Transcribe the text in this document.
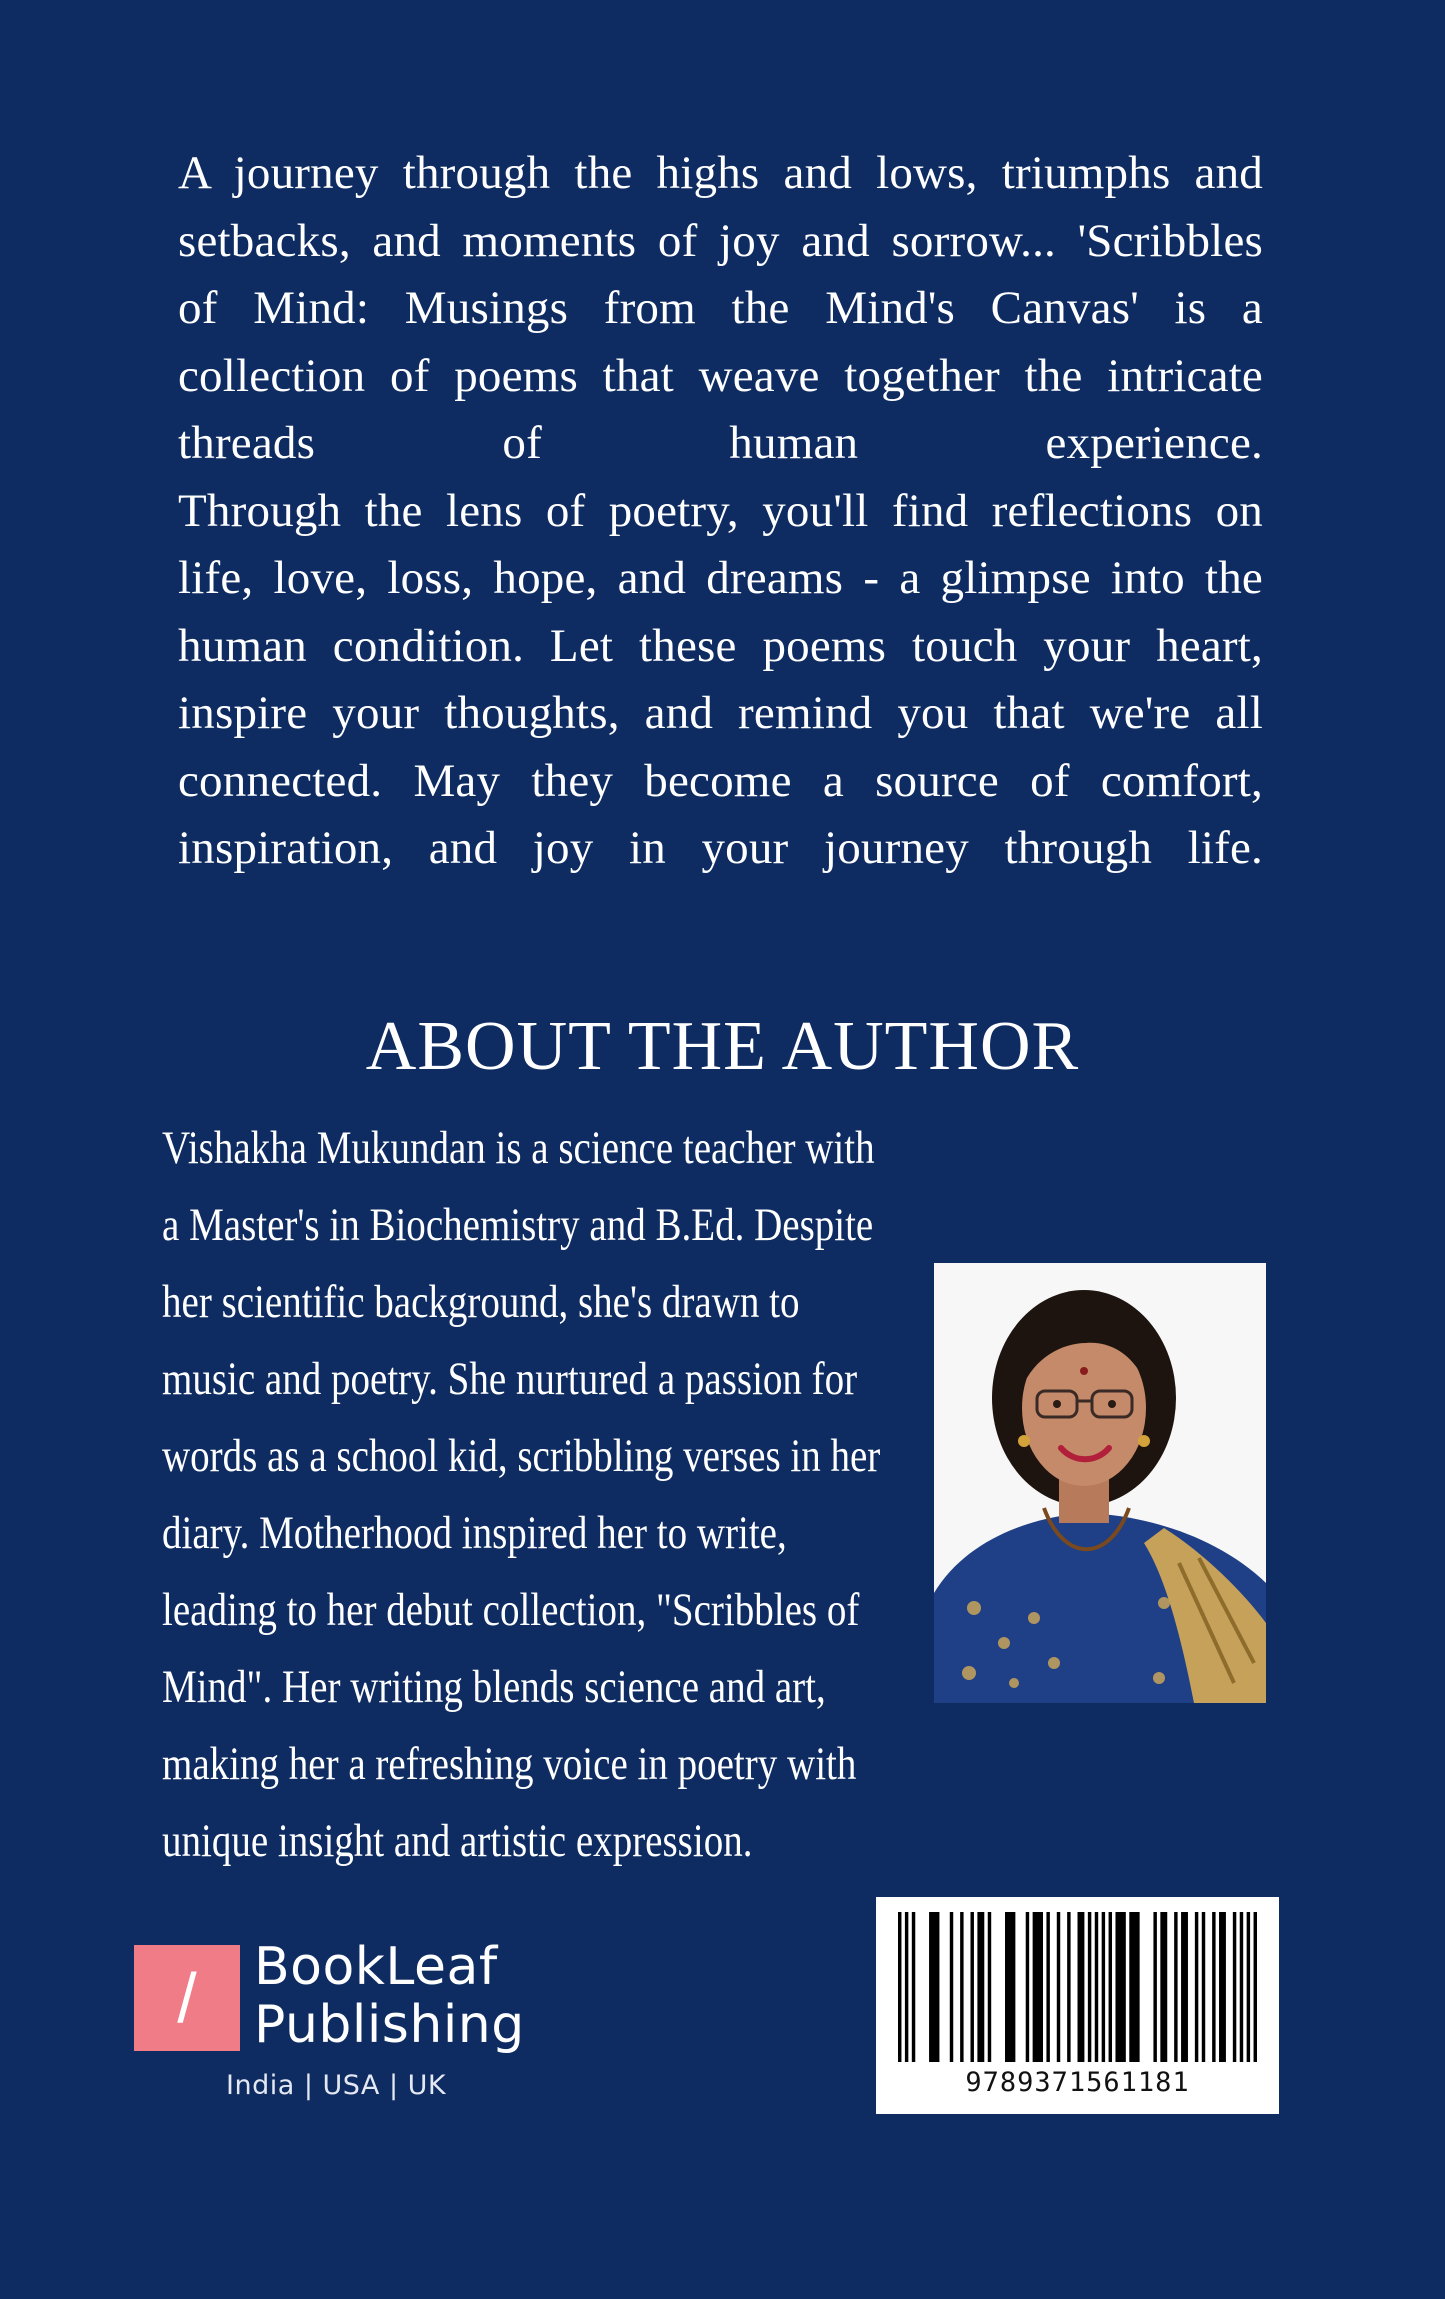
A journey through the highs and lows, triumphs and
setbacks, and moments of joy and sorrow... 'Scribbles
of Mind: Musings from the Mind's Canvas' is a
collection of poems that weave together the intricate
threads of human experience.
Through the lens of poetry, you'll find reflections on
life, love, loss, hope, and dreams - a glimpse into the
human condition. Let these poems touch your heart,
inspire your thoughts, and remind you that we're all
connected. May they become a source of comfort,
inspiration, and joy in your journey through life.
ABOUT THE AUTHOR
Vishakha Mukundan is a science teacher with
a Master's in Biochemistry and B.Ed. Despite
her scientific background, she's drawn to
music and poetry. She nurtured a passion for
words as a school kid, scribbling verses in her
diary. Motherhood inspired her to write,
leading to her debut collection, "Scribbles of
Mind". Her writing blends science and art,
making her a refreshing voice in poetry with
unique insight and artistic expression.
/ BookLeaf
Publishing
India | USA | UK	9789371561181
